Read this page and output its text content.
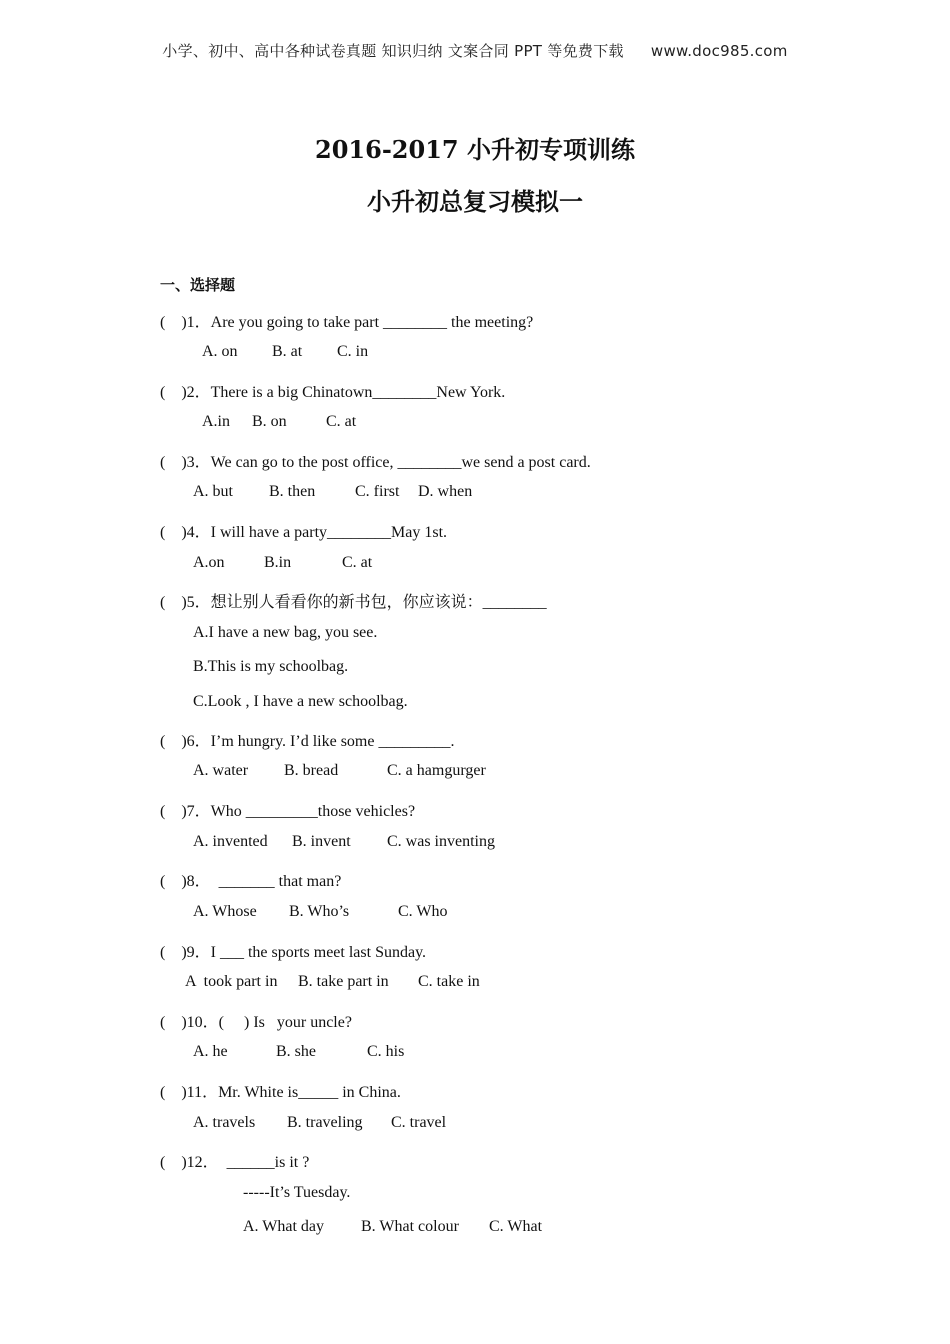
小学、初中、高中各种试卷真题 知识归纳 文案合同 PPT 等免费下载 www.doc985.com
2016-2017 小升初专项训练
小升初总复习模拟一
一、选择题
(    )1．Are you going to take part ________ the meeting?
A. on B. at C. in
(    )2．There is a big Chinatown________New York.
A.in B. on C. at
(    )3．We can go to the post office, ________we send a post card.
A. but B. then C. first D. when
(    )4．I will have a party________May 1st.
A.on B.in	C. at
(    )5．想让别人看看你的新书包，你应该说：________
A.I have a new bag, you see.
B.This is my schoolbag.
C.Look , I have a new schoolbag.
(    )6．I’m hungry. I’d like some _________.
A. water B. bread	C. a hamgurger
(    )7．Who _________those vehicles?
A. invented B. invent C. was inventing
(    )8．  _______ that man?
A. Whose B. Who’s	C. Who
(    )9．I ___ the sports meet last Sunday.
A  took part in B. take part in C. take in
(    )10．(     ) Is   your uncle?
A. he	B. she	C. his
(    )11．Mr. White is_____ in China.
A. travels B. traveling C. travel
(    )12．  ______is it ?
-----It’s Tuesday.
A. What day B. What colour C. What
